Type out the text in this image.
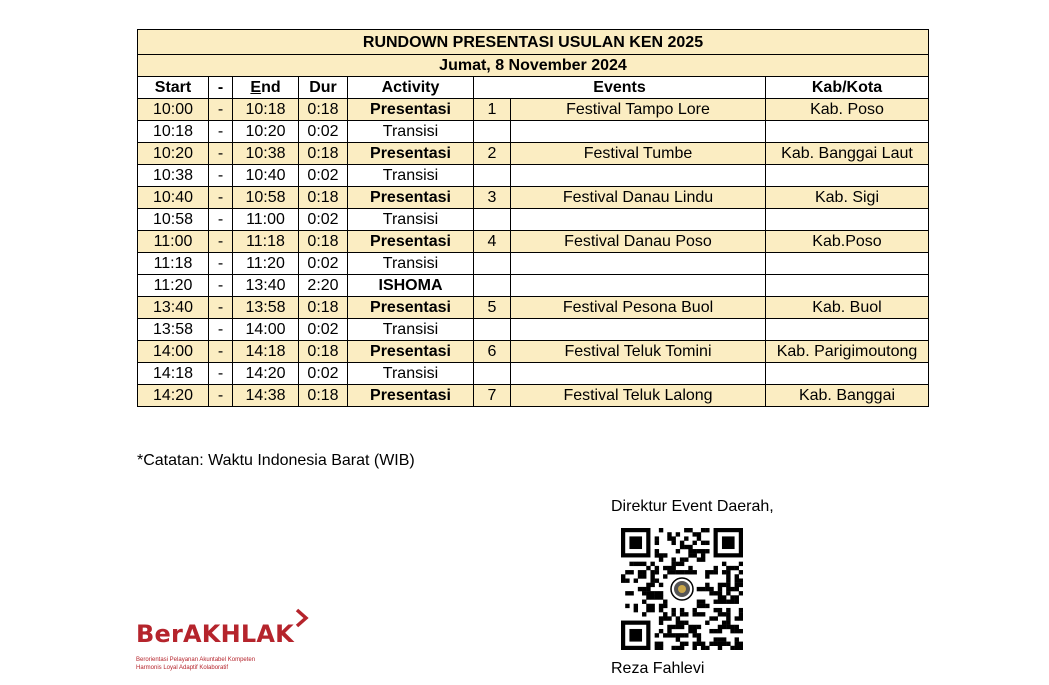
RUNDOWN PRESENTASI USULAN KEN 2025							
Jumat, 8 November 2024							
Start	-	End	Dur	Activity	Events		Kab/Kota
10:00	-	10:18	0:18	Presentasi	1	Festival Tampo Lore	Kab. Poso
10:18	-	10:20	0:02	Transisi			
10:20	-	10:38	0:18	Presentasi	2	Festival Tumbe	Kab. Banggai Laut
10:38	-	10:40	0:02	Transisi			
10:40	-	10:58	0:18	Presentasi	3	Festival Danau Lindu	Kab. Sigi
10:58	-	11:00	0:02	Transisi			
11:00	-	11:18	0:18	Presentasi	4	Festival Danau Poso	Kab.Poso
11:18	-	11:20	0:02	Transisi			
11:20	-	13:40	2:20	ISHOMA			
13:40	-	13:58	0:18	Presentasi	5	Festival Pesona Buol	Kab. Buol
13:58	-	14:00	0:02	Transisi			
14:00	-	14:18	0:18	Presentasi	6	Festival Teluk Tomini	Kab. Parigimoutong
14:18	-	14:20	0:02	Transisi			
14:20	-	14:38	0:18	Presentasi	7	Festival Teluk Lalong	Kab. Banggai
*Catatan: Waktu Indonesia Barat (WIB)
BerAKHLAK
Berorientasi Pelayanan Akuntabel Kompeten
Harmonis Loyal Adaptif Kolaboratif
Direktur Event Daerah,
Reza Fahlevi
